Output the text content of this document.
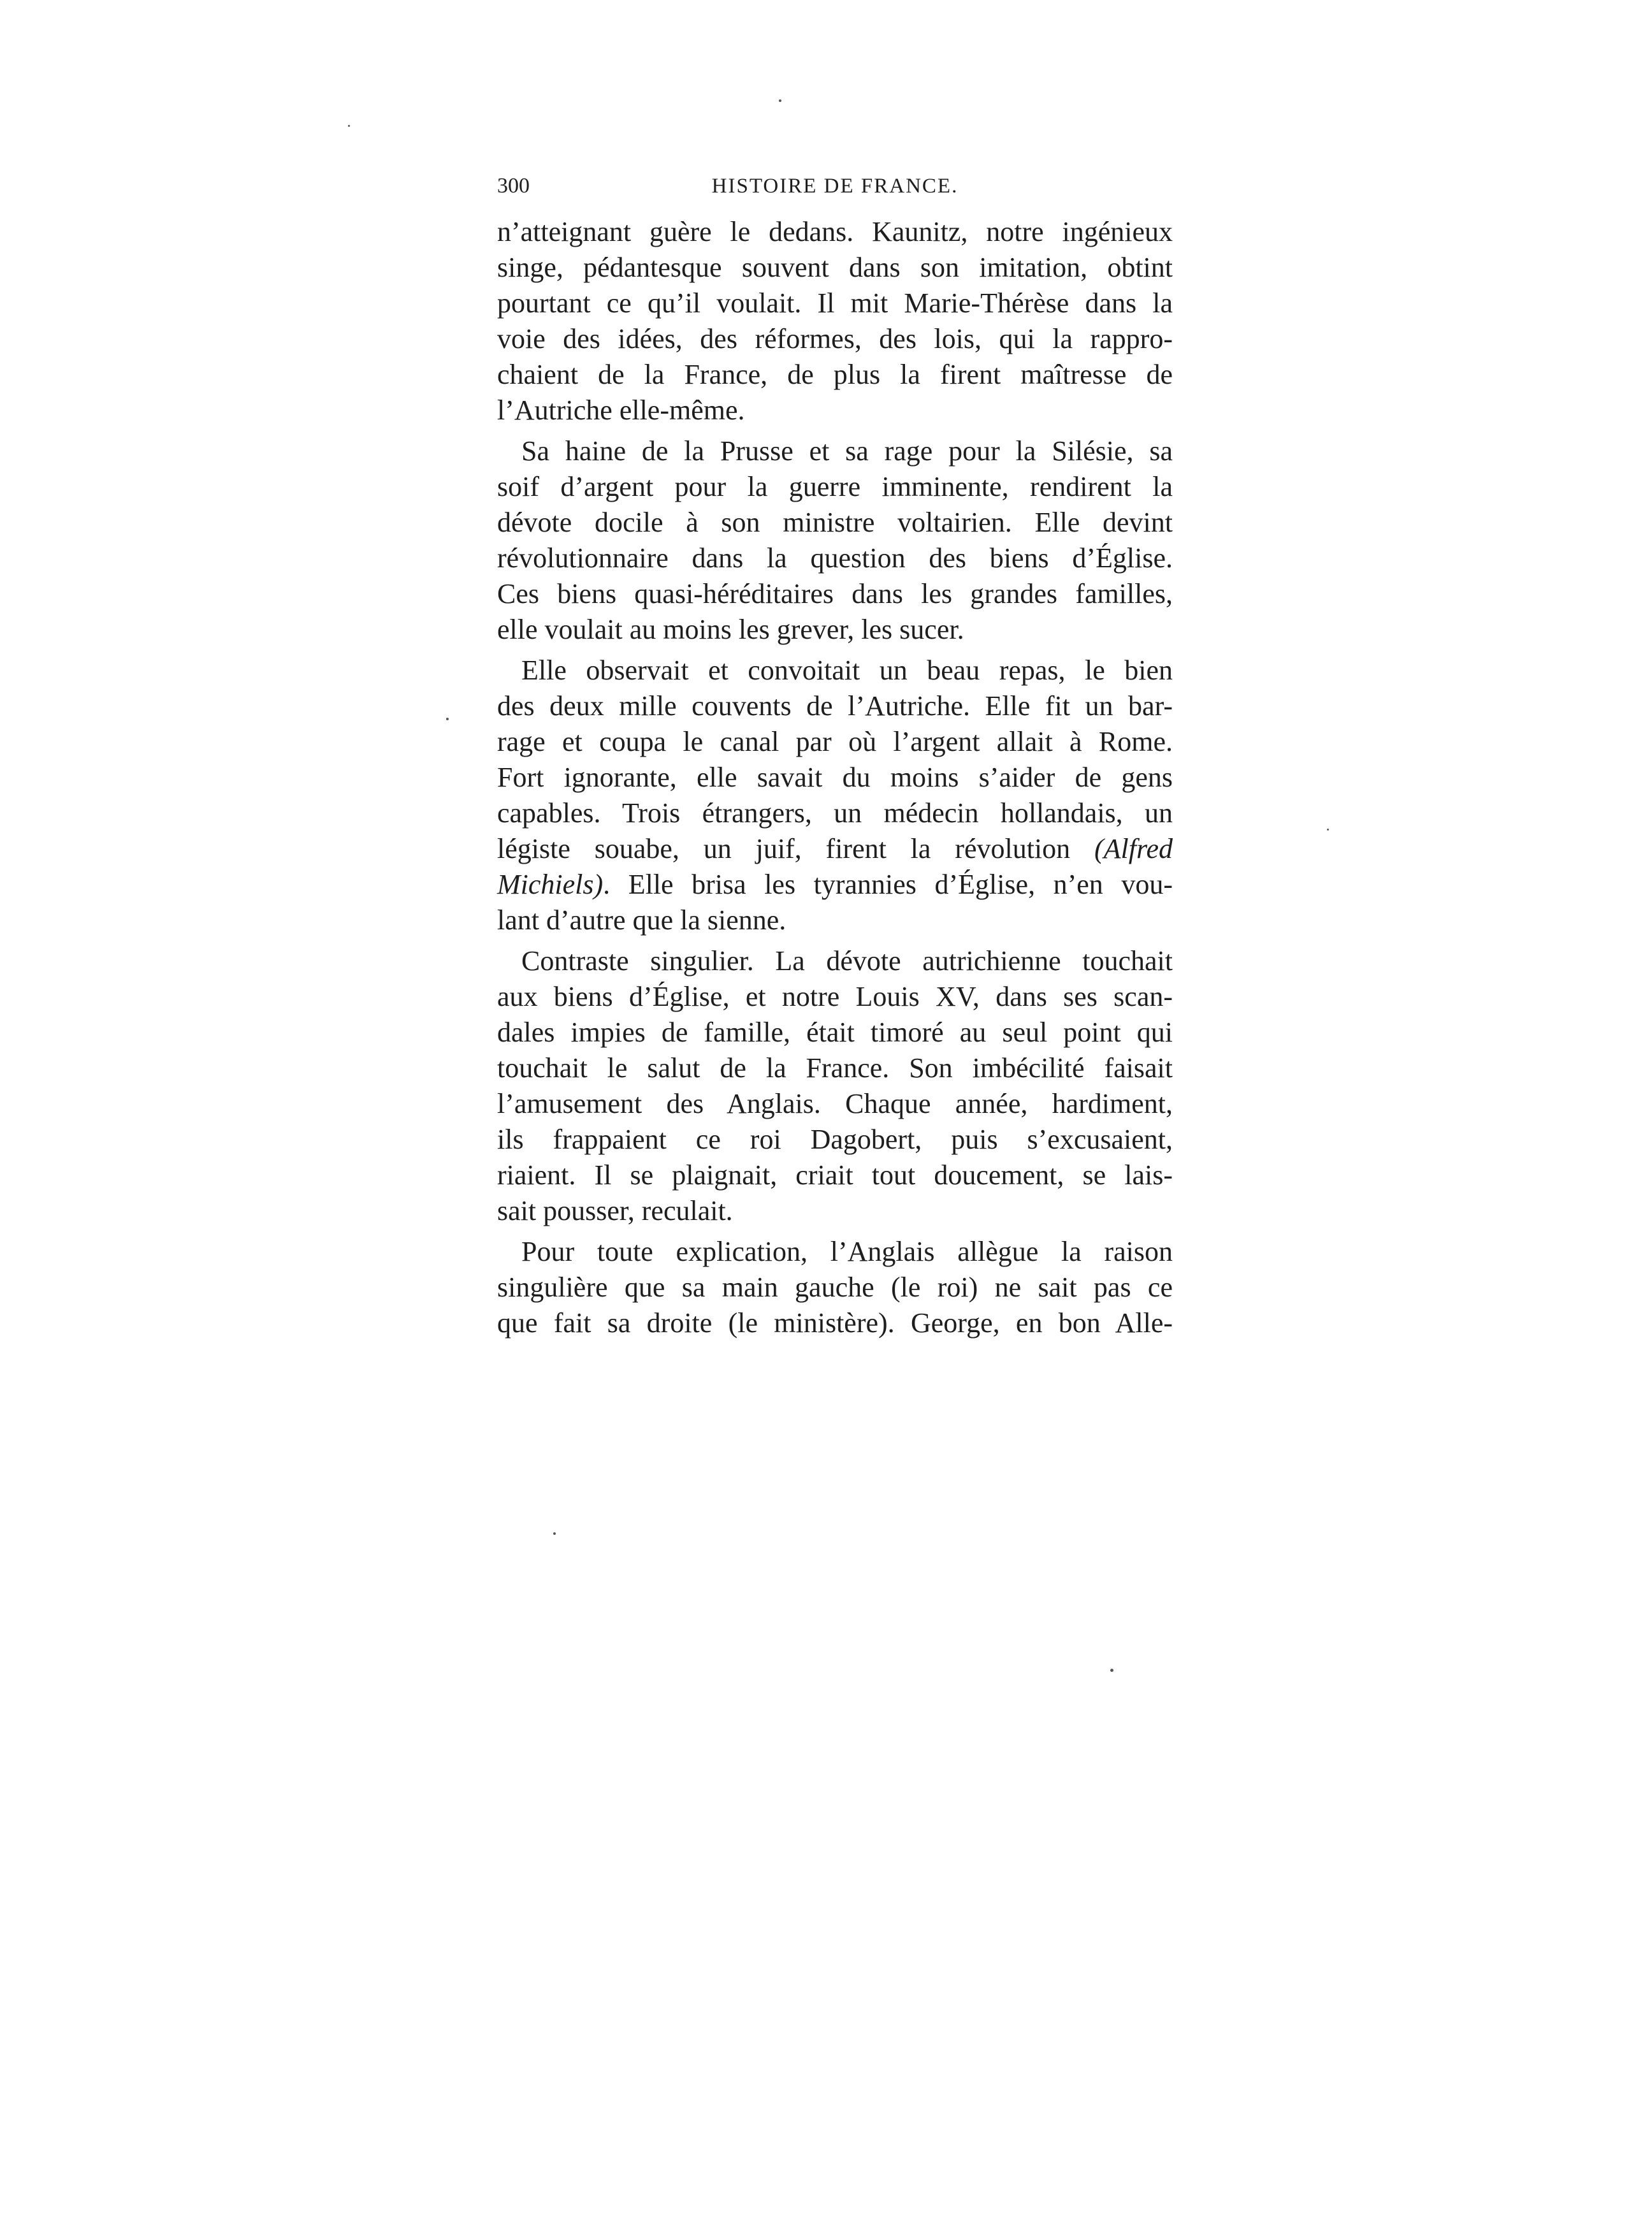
300	HISTOIRE DE FRANCE.
n’atteignant guère le dedans. Kaunitz, notre ingénieux
singe, pédantesque souvent dans son imitation, obtint
pourtant ce qu’il voulait. Il mit Marie-Thérèse dans la
voie des idées, des réformes, des lois, qui la rappro-
chaient de la France, de plus la firent maîtresse de
l’Autriche elle-même.
Sa haine de la Prusse et sa rage pour la Silésie, sa
soif d’argent pour la guerre imminente, rendirent la
dévote docile à son ministre voltairien. Elle devint
révolutionnaire dans la question des biens d’Église.
Ces biens quasi-héréditaires dans les grandes familles,
elle voulait au moins les grever, les sucer.
Elle observait et convoitait un beau repas, le bien
des deux mille couvents de l’Autriche. Elle fit un bar-
rage et coupa le canal par où l’argent allait à Rome.
Fort ignorante, elle savait du moins s’aider de gens
capables. Trois étrangers, un médecin hollandais, un
légiste souabe, un juif, firent la révolution (Alfred
Michiels). Elle brisa les tyrannies d’Église, n’en vou-
lant d’autre que la sienne.
Contraste singulier. La dévote autrichienne touchait
aux biens d’Église, et notre Louis XV, dans ses scan-
dales impies de famille, était timoré au seul point qui
touchait le salut de la France. Son imbécilité faisait
l’amusement des Anglais. Chaque année, hardiment,
ils frappaient ce roi Dagobert, puis s’excusaient,
riaient. Il se plaignait, criait tout doucement, se lais-
sait pousser, reculait.
Pour toute explication, l’Anglais allègue la raison
singulière que sa main gauche (le roi) ne sait pas ce
que fait sa droite (le ministère). George, en bon Alle-
